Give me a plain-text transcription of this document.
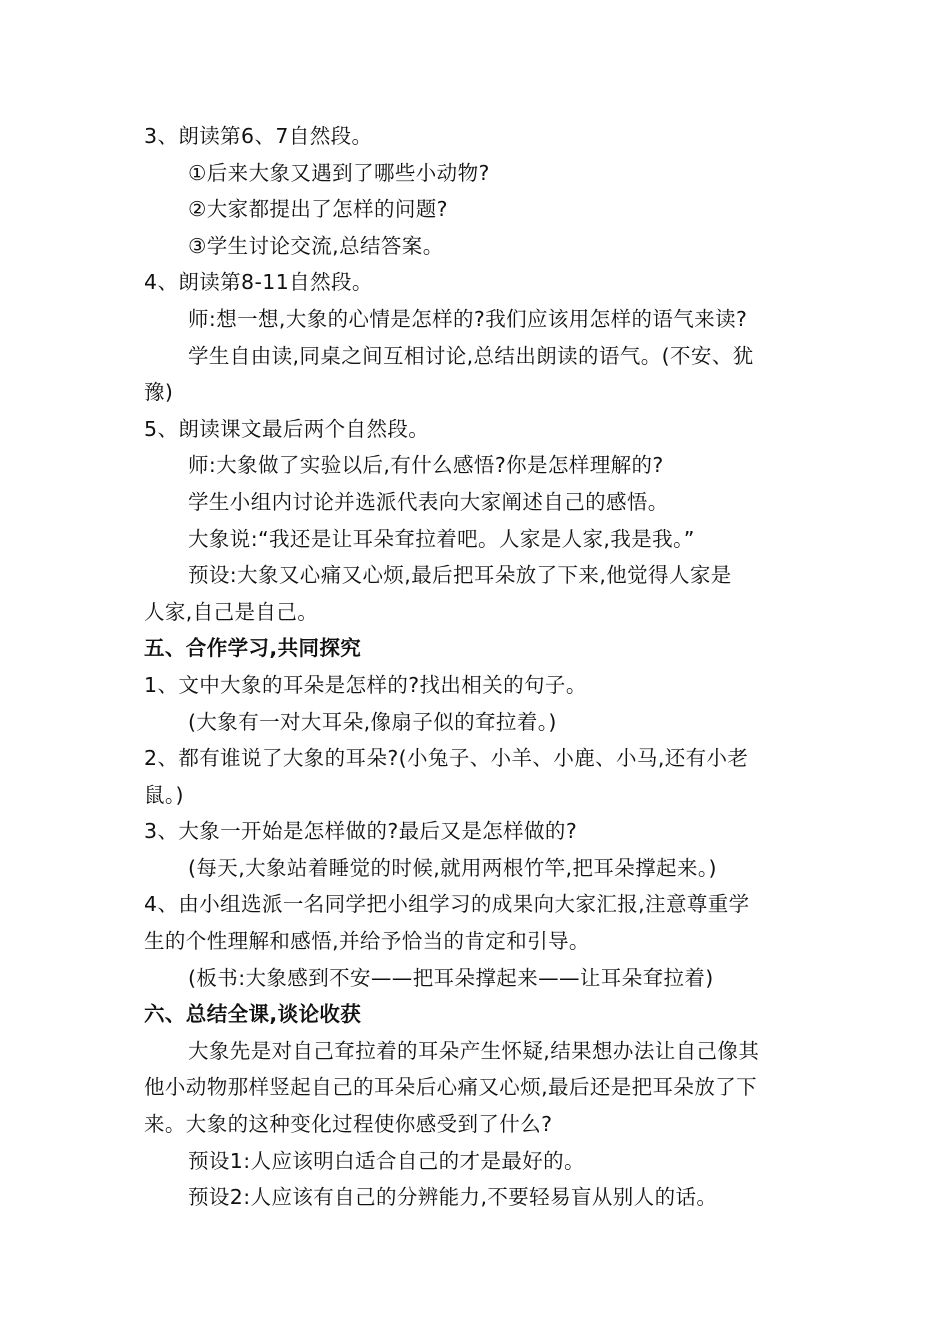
3、朗读第6、7自然段。
①后来大象又遇到了哪些小动物?
②大家都提出了怎样的问题?
③学生讨论交流,总结答案。
4、朗读第8-11自然段。
师:想一想,大象的心情是怎样的?我们应该用怎样的语气来读?
学生自由读,同桌之间互相讨论,总结出朗读的语气。(不安、犹
豫)
5、朗读课文最后两个自然段。
师:大象做了实验以后,有什么感悟?你是怎样理解的?
学生小组内讨论并选派代表向大家阐述自己的感悟。
大象说:“我还是让耳朵耷拉着吧。人家是人家,我是我。”
预设:大象又心痛又心烦,最后把耳朵放了下来,他觉得人家是
人家,自己是自己。
五、合作学习,共同探究
1、文中大象的耳朵是怎样的?找出相关的句子。
(大象有一对大耳朵,像扇子似的耷拉着。)
2、都有谁说了大象的耳朵?(小兔子、小羊、小鹿、小马,还有小老
鼠。)
3、大象一开始是怎样做的?最后又是怎样做的?
(每天,大象站着睡觉的时候,就用两根竹竿,把耳朵撑起来。)
4、由小组选派一名同学把小组学习的成果向大家汇报,注意尊重学
生的个性理解和感悟,并给予恰当的肯定和引导。
(板书:大象感到不安——把耳朵撑起来——让耳朵耷拉着)
六、总结全课,谈论收获
大象先是对自己耷拉着的耳朵产生怀疑,结果想办法让自己像其
他小动物那样竖起自己的耳朵后心痛又心烦,最后还是把耳朵放了下
来。大象的这种变化过程使你感受到了什么?
预设1:人应该明白适合自己的才是最好的。
预设2:人应该有自己的分辨能力,不要轻易盲从别人的话。
